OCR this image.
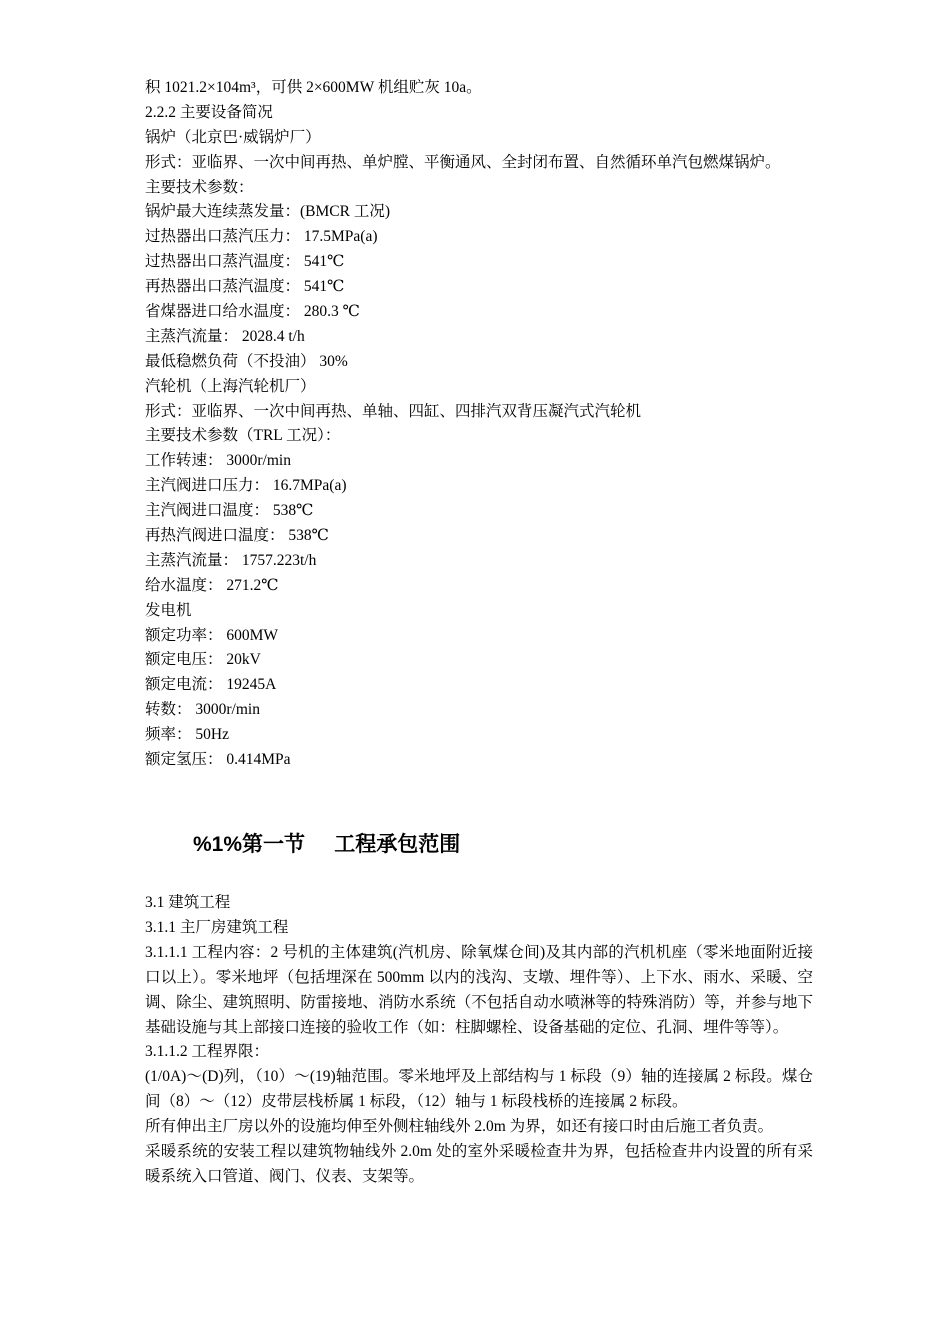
积 1021.2×104m³，可供 2×600MW 机组贮灰 10a。
2.2.2 主要设备简况
锅炉（北京巴·威锅炉厂）
形式：亚临界、一次中间再热、单炉膛、平衡通风、全封闭布置、自然循环单汽包燃煤锅炉。
主要技术参数：
锅炉最大连续蒸发量：(BMCR 工况)
过热器出口蒸汽压力： 17.5MPa(a)
过热器出口蒸汽温度： 541℃
再热器出口蒸汽温度： 541℃
省煤器进口给水温度： 280.3 ℃
主蒸汽流量： 2028.4 t/h
最低稳燃负荷（不投油） 30%
汽轮机（上海汽轮机厂）
形式：亚临界、一次中间再热、单轴、四缸、四排汽双背压凝汽式汽轮机
主要技术参数（TRL 工况）：
工作转速： 3000r/min
主汽阀进口压力： 16.7MPa(a)
主汽阀进口温度： 538℃
再热汽阀进口温度： 538℃
主蒸汽流量： 1757.223t/h
给水温度： 271.2℃
发电机
额定功率： 600MW
额定电压： 20kV
额定电流： 19245A
转数： 3000r/min
频率： 50Hz
额定氢压： 0.414MPa
%1%第一节     工程承包范围
3.1 建筑工程
3.1.1 主厂房建筑工程
3.1.1.1 工程内容：2 号机的主体建筑(汽机房、除氧煤仓间)及其内部的汽机机座（零米地面附近接口以上）。零米地坪（包括埋深在 500mm 以内的浅沟、支墩、埋件等）、上下水、雨水、采暖、空调、除尘、建筑照明、防雷接地、消防水系统（不包括自动水喷淋等的特殊消防）等，并参与地下基础设施与其上部接口连接的验收工作（如：柱脚螺栓、设备基础的定位、孔洞、埋件等等）。
3.1.1.2 工程界限：
(1/0A)～(D)列，（10）～(19)轴范围。零米地坪及上部结构与 1 标段（9）轴的连接属 2 标段。煤仓间（8）～（12）皮带层栈桥属 1 标段，（12）轴与 1 标段栈桥的连接属 2 标段。
所有伸出主厂房以外的设施均伸至外侧柱轴线外 2.0m 为界，如还有接口时由后施工者负责。
采暖系统的安装工程以建筑物轴线外 2.0m 处的室外采暖检查井为界，包括检查井内设置的所有采暖系统入口管道、阀门、仪表、支架等。
